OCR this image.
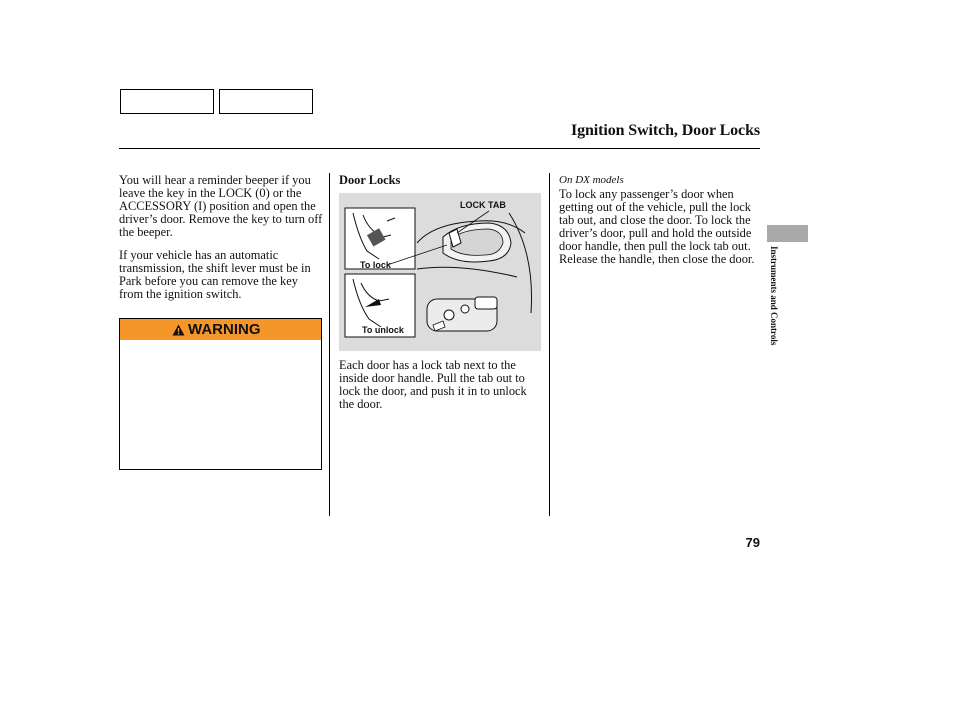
Ignition Switch, Door Locks

You will hear a reminder beeper if you leave the key in the LOCK (0) or the ACCESSORY (I) position and open the driver’s door. Remove the key to turn off the beeper.

If your vehicle has an automatic transmission, the shift lever must be in Park before you can remove the key from the ignition switch.

WARNING
Door Locks
LOCK TAB
To lock
To unlock

Each door has a lock tab next to the inside door handle. Pull the tab out to lock the door, and push it in to unlock the door.

On DX models

To lock any passenger’s door when getting out of the vehicle, pull the lock tab out, and close the door. To lock the driver’s door, pull and hold the outside door handle, then pull the lock tab out. Release the handle, then close the door.	Instruments and Controls
79
